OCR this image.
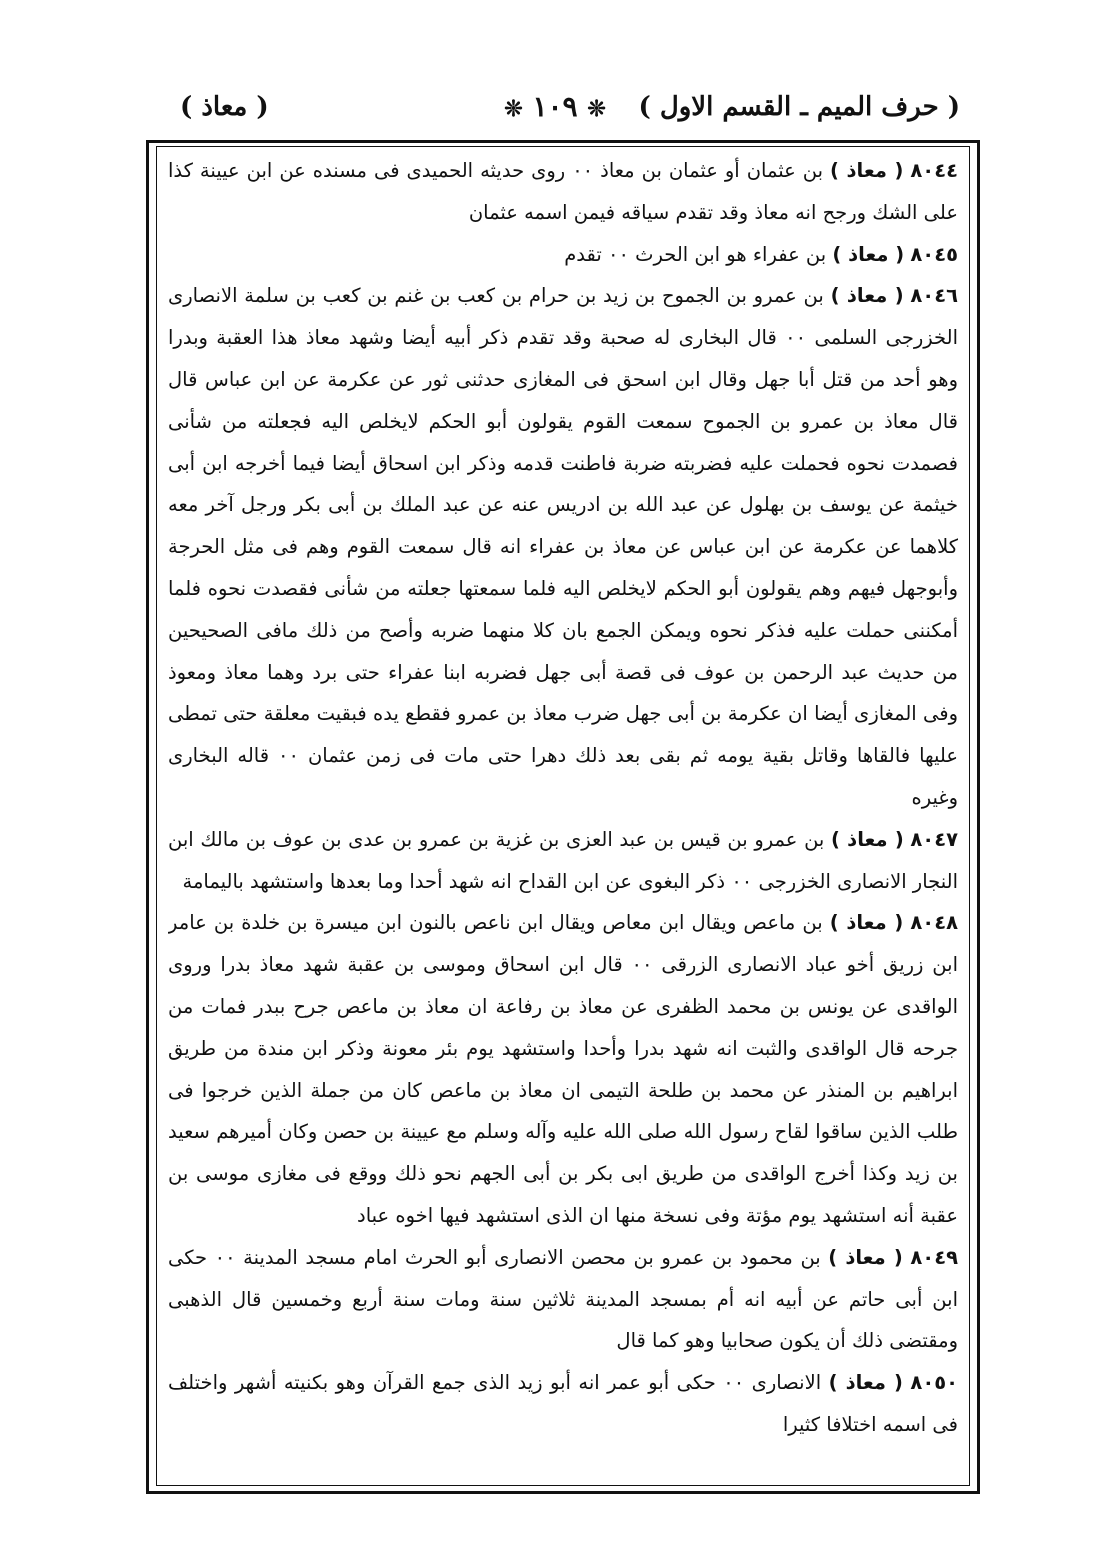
( حرف الميم ـ القسم الاول )
❊ ١٠٩ ❊
( معاذ )

٨٠٤٤ ( معاذ ) بن عثمان أو عثمان بن معاذ ٠٠ روى حديثه الحميدى فى مسنده عن ابن عيينة كذا على الشك ورجح انه معاذ وقد تقدم سياقه فيمن اسمه عثمان

٨٠٤٥ ( معاذ ) بن عفراء هو ابن الحرث ٠٠ تقدم

٨٠٤٦ ( معاذ ) بن عمرو بن الجموح بن زيد بن حرام بن كعب بن غنم بن كعب بن سلمة الانصارى الخزرجى السلمى ٠٠ قال البخارى له صحبة وقد تقدم ذكر أبيه أيضا وشهد معاذ هذا العقبة وبدرا وهو أحد من قتل أبا جهل وقال ابن اسحق فى المغازى حدثنى ثور عن عكرمة عن ابن عباس قال قال معاذ بن عمرو بن الجموح سمعت القوم يقولون أبو الحكم لايخلص اليه فجعلته من شأنى فصمدت نحوه فحملت عليه فضربته ضربة فاطنت قدمه وذكر ابن اسحاق أيضا فيما أخرجه ابن أبى خيثمة عن يوسف بن بهلول عن عبد الله بن ادريس عنه عن عبد الملك بن أبى بكر ورجل آخر معه كلاهما عن عكرمة عن ابن عباس عن معاذ بن عفراء انه قال سمعت القوم وهم فى مثل الحرجة وأبوجهل فيهم وهم يقولون أبو الحكم لايخلص اليه فلما سمعتها جعلته من شأنى فقصدت نحوه فلما أمكننى حملت عليه فذكر نحوه ويمكن الجمع بان كلا منهما ضربه وأصح من ذلك مافى الصحيحين من حديث عبد الرحمن بن عوف فى قصة أبى جهل فضربه ابنا عفراء حتى برد وهما معاذ ومعوذ وفى المغازى أيضا ان عكرمة بن أبى جهل ضرب معاذ بن عمرو فقطع يده فبقيت معلقة حتى تمطى عليها فالقاها وقاتل بقية يومه ثم بقى بعد ذلك دهرا حتى مات فى زمن عثمان ٠٠ قاله البخارى وغيره

٨٠٤٧ ( معاذ ) بن عمرو بن قيس بن عبد العزى بن غزية بن عمرو بن عدى بن عوف بن مالك ابن النجار الانصارى الخزرجى ٠٠ ذكر البغوى عن ابن القداح انه شهد أحدا وما بعدها واستشهد باليمامة

٨٠٤٨ ( معاذ ) بن ماعص ويقال ابن معاص ويقال ابن ناعص بالنون ابن ميسرة بن خلدة بن عامر ابن زريق أخو عباد الانصارى الزرقى ٠٠ قال ابن اسحاق وموسى بن عقبة شهد معاذ بدرا وروى الواقدى عن يونس بن محمد الظفرى عن معاذ بن رفاعة ان معاذ بن ماعص جرح ببدر فمات من جرحه قال الواقدى والثبت انه شهد بدرا وأحدا واستشهد يوم بئر معونة وذكر ابن مندة من طريق ابراهيم بن المنذر عن محمد بن طلحة التيمى ان معاذ بن ماعص كان من جملة الذين خرجوا فى طلب الذين ساقوا لقاح رسول الله صلى الله عليه وآله وسلم مع عيينة بن حصن وكان أميرهم سعيد بن زيد وكذا أخرج الواقدى من طريق ابى بكر بن أبى الجهم نحو ذلك ووقع فى مغازى موسى بن عقبة أنه استشهد يوم مؤتة وفى نسخة منها ان الذى استشهد فيها اخوه عباد

٨٠٤٩ ( معاذ ) بن محمود بن عمرو بن محصن الانصارى أبو الحرث امام مسجد المدينة ٠٠ حكى ابن أبى حاتم عن أبيه انه أم بمسجد المدينة ثلاثين سنة ومات سنة أربع وخمسين قال الذهبى ومقتضى ذلك أن يكون صحابيا وهو كما قال

٨٠٥٠ ( معاذ ) الانصارى ٠٠ حكى أبو عمر انه أبو زيد الذى جمع القرآن وهو بكنيته أشهر واختلف فى اسمه اختلافا كثيرا
